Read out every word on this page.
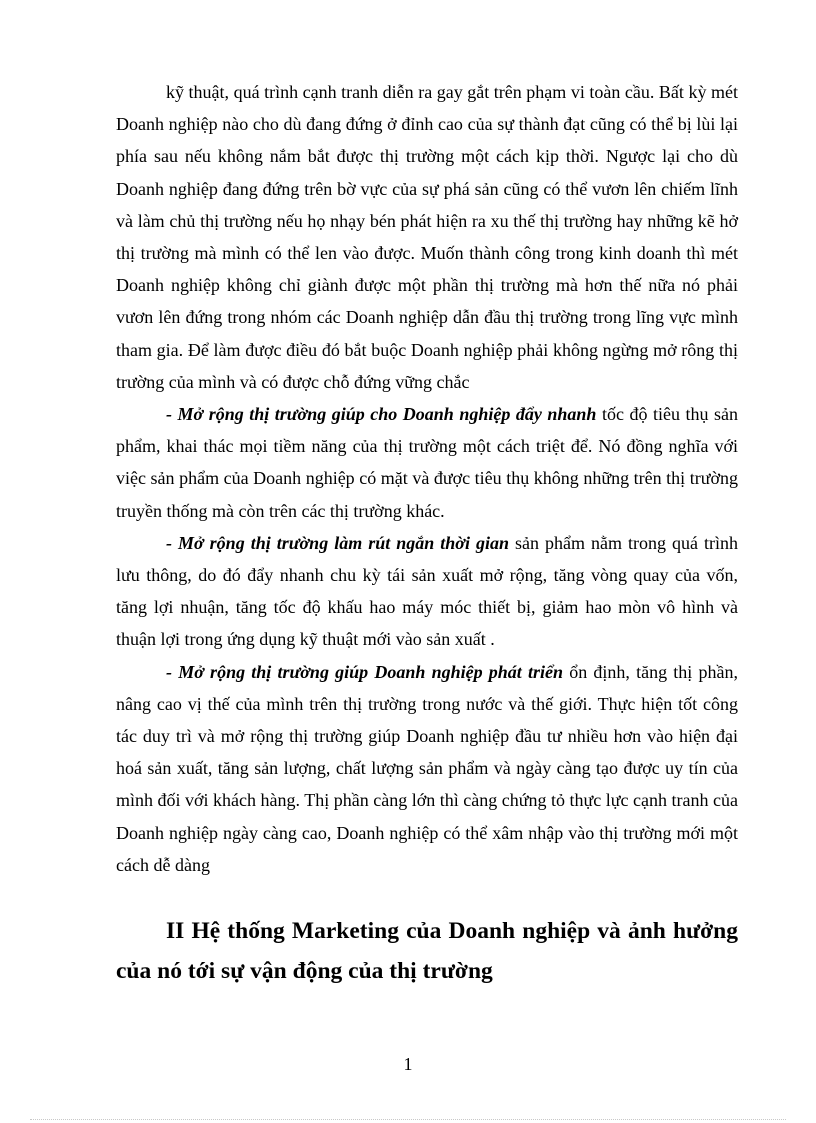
kỹ thuật, quá trình cạnh tranh diễn ra gay gắt trên phạm vi toàn cầu. Bất kỳ mét Doanh nghiệp nào cho dù đang đứng ở đỉnh cao của sự thành đạt cũng có thể bị lùi lại phía sau nếu không nắm bắt được thị trường một cách kịp thời. Ngược lại cho dù Doanh nghiệp đang đứng trên bờ vực của sự phá sản cũng có thể vươn lên chiếm lĩnh và làm chủ thị trường nếu họ nhạy bén phát hiện ra xu thế thị trường hay những kẽ hở thị trường mà mình có thể len vào được. Muốn thành công trong kinh doanh thì mét Doanh nghiệp không chỉ giành được một phần thị trường mà hơn thế nữa nó phải vươn lên đứng trong nhóm các Doanh nghiệp dẫn đầu thị trường trong lĩng vực mình tham gia. Để làm được điều đó bắt buộc Doanh nghiệp phải không ngừng mở rông thị trường của mình và có được chỗ đứng vững chắc

- Mở rộng thị trường giúp cho Doanh nghiệp đẩy nhanh tốc độ tiêu thụ sản phẩm, khai thác mọi tiềm năng của thị trường một cách triệt để. Nó đồng nghĩa với việc sản phẩm của Doanh nghiệp có mặt và được tiêu thụ không những trên thị trường truyền thống mà còn trên các thị trường khác.

- Mở rộng thị trường làm rút ngắn thời gian sản phẩm nằm trong quá trình lưu thông, do đó đẩy nhanh chu kỳ tái sản xuất mở rộng, tăng vòng quay của vốn, tăng lợi nhuận, tăng tốc độ khấu hao máy móc thiết bị, giảm hao mòn vô hình và thuận lợi trong ứng dụng kỹ thuật mới vào sản xuất .

- Mở rộng thị trường giúp Doanh nghiệp phát triển ổn định, tăng thị phần, nâng cao vị thế của mình trên thị trường trong nước và thế giới. Thực hiện tốt công tác duy trì và mở rộng thị trường giúp Doanh nghiệp đầu tư nhiều hơn vào hiện đại hoá sản xuất, tăng sản lượng, chất lượng sản phẩm và ngày càng tạo được uy tín của mình đối với khách hàng. Thị phần càng lớn thì càng chứng tỏ thực lực cạnh tranh của Doanh nghiệp ngày càng cao, Doanh nghiệp có thể xâm nhập vào thị trường mới một cách dễ dàng

II Hệ thống Marketing của Doanh nghiệp và ảnh hưởng của nó tới sự vận động của thị trường
1
